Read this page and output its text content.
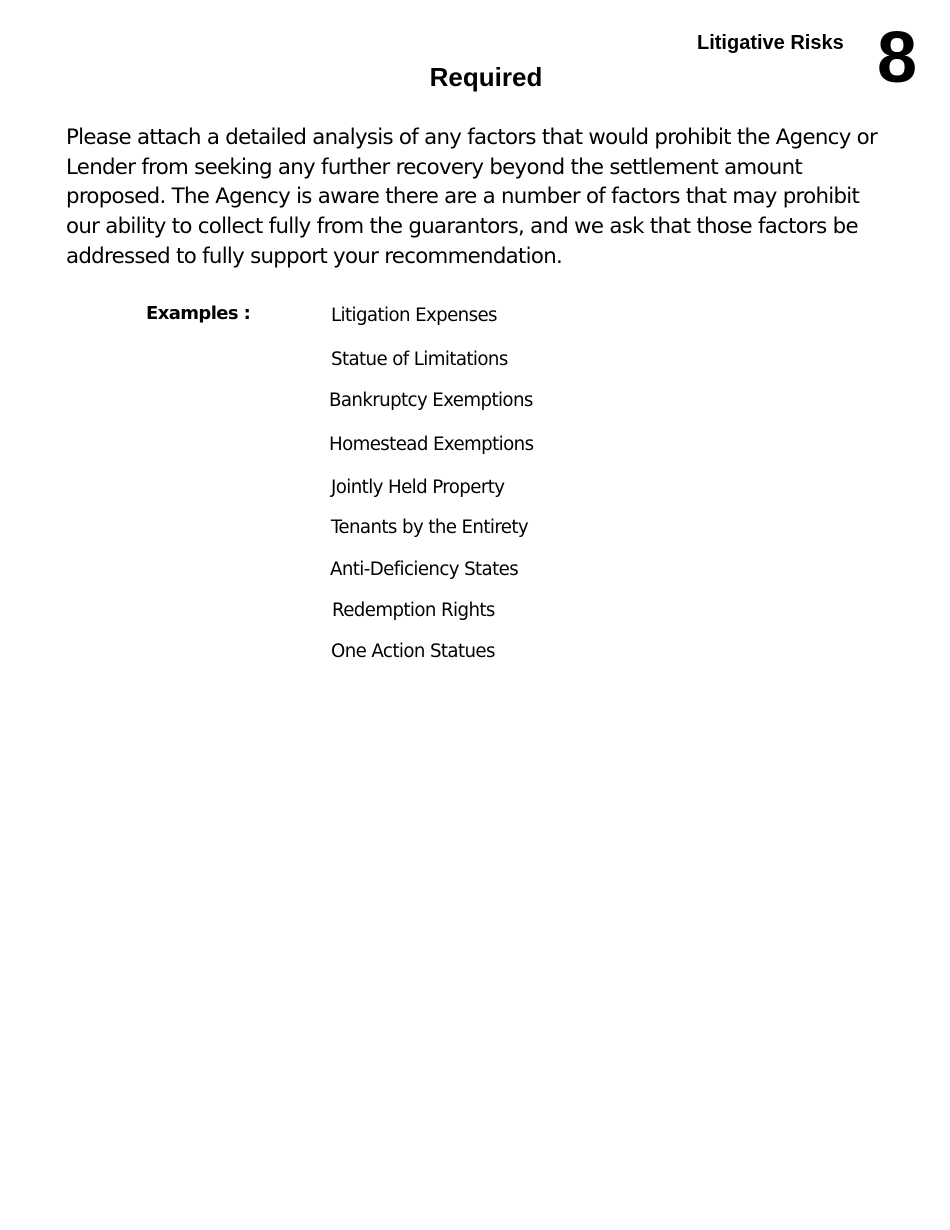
Litigative Risks 8
Required

Please attach a detailed analysis of any factors that would prohibit the Agency or Lender from seeking any further recovery beyond the settlement amount proposed. The Agency is aware there are a number of factors that may prohibit our ability to collect fully from the guarantors, and we ask that those factors be addressed to fully support your recommendation.

Examples :	Litigation Expenses
Statue of Limitations
Bankruptcy Exemptions
Homestead Exemptions
Jointly Held Property
Tenants by the Entirety
Anti-Deficiency States
Redemption Rights
One Action Statues
